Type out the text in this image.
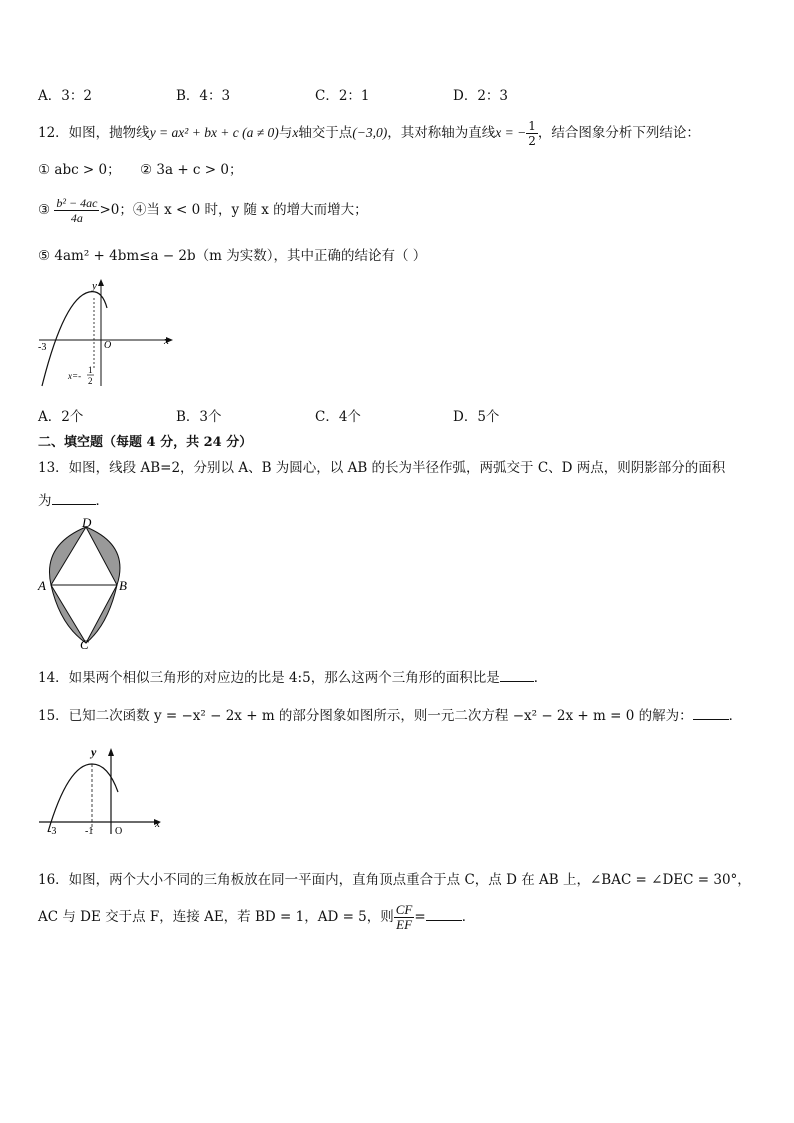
A．3：2	B．4：3	C．2：1	D．2：3
12．如图，抛物线y = ax² + bx + c (a ≠ 0)与x轴交于点(−3,0)，其对称轴为直线x = − $\frac{1}{2}$ ，结合图象分析下列结论：
① abc > 0； ② 3a + c > 0；
③ $\frac{\text{b² − 4ac}}{4a} >0$；④当 x < 0 时，y 随 x 的增大而增大；
⑤ 4am² + 4bm≤a − 2b（m 为实数），其中正确的结论有（ ）
y
x
O
-3
x=-
1
2
A．2个	B．3个	C．4个	D．5个
二、填空题（每题 4 分，共 24 分）
13．如图，线段 AB=2，分别以 A、B 为圆心，以 AB 的长为半径作弧，两弧交于 C、D 两点，则阴影部分的面积
为	．
D
A	B
C
14．如果两个相似三角形的对应边的比是 4:5，那么这两个三角形的面积比是	．
15．已知二次函数 y = −x² − 2x + m 的部分图象如图所示，则一元二次方程 −x² − 2x + m = 0 的解为：	．
y
x
O
-3	-1
16．如图，两个大小不同的三角板放在同一平面内，直角顶点重合于点 C，点 D 在 AB 上，∠BAC = ∠DEC = 30°，
AC 与 DE 交于点 F，连接 AE，若 BD = 1，AD = 5，则 $\frac{CF}{EF}$ =	．
